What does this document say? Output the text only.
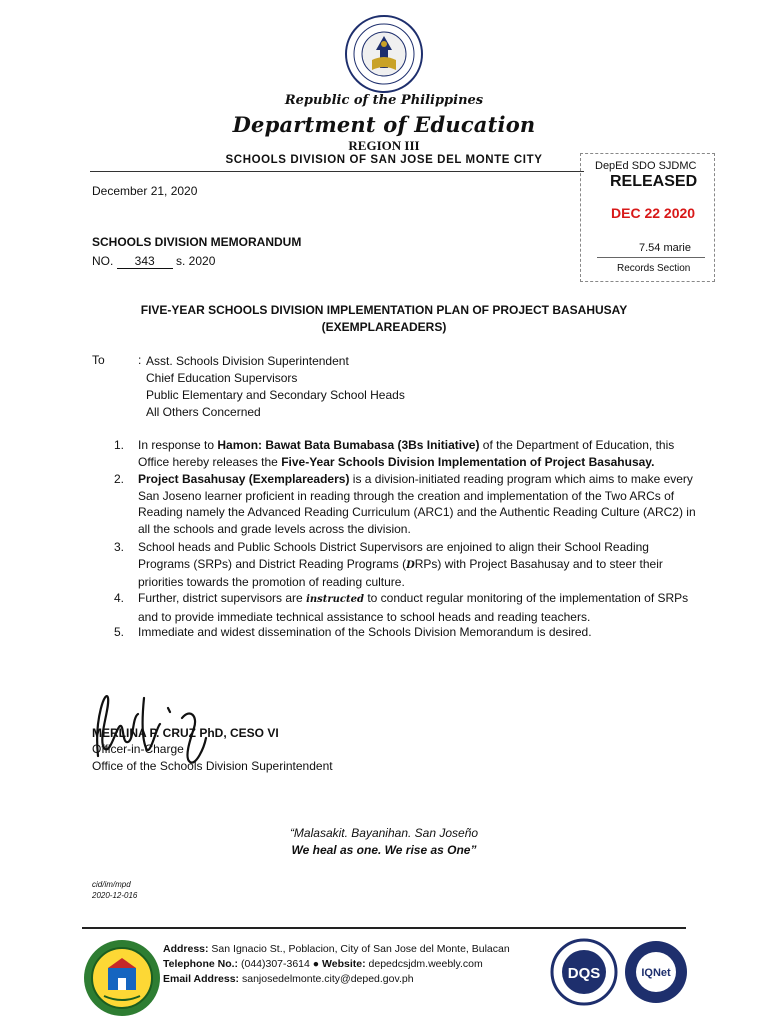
Republic of the Philippines
Department of Education
REGION III
SCHOOLS DIVISION OF SAN JOSE DEL MONTE CITY	DepEd SDO SJDMC
RELEASED
DEC 22 2020
7.54 marie
Records Section
December 21, 2020
SCHOOLS DIVISION MEMORANDUM
NO. 343 s. 2020
FIVE-YEAR SCHOOLS DIVISION IMPLEMENTATION PLAN OF PROJECT BASAHUSAY
(EXEMPLAREADERS)
To	: Asst. Schools Division Superintendent
Chief Education Supervisors
Public Elementary and Secondary School Heads
All Others Concerned
1. In response to Hamon: Bawat Bata Bumabasa (3Bs Initiative) of the Department of Education, this Office hereby releases the Five-Year Schools Division Implementation of Project Basahusay.
2. Project Basahusay (Exemplareaders) is a division-initiated reading program which aims to make every San Joseno learner proficient in reading through the creation and implementation of the Two ARCs of Reading namely the Advanced Reading Curriculum (ARC1) and the Authentic Reading Culture (ARC2) in all the schools and grade levels across the division.
3. School heads and Public Schools District Supervisors are enjoined to align their School Reading Programs (SRPs) and District Reading Programs (DRPs) with Project Basahusay and to steer their priorities towards the promotion of reading culture.
4. Further, district supervisors are instructed to conduct regular monitoring of the implementation of SRPs and to provide immediate technical assistance to school heads and reading teachers.
5. Immediate and widest dissemination of the Schools Division Memorandum is desired.
MERLINA P. CRUZ PhD, CESO VI
Officer-in-Charge
Office of the Schools Division Superintendent
“Malasakit. Bayanihan. San Joseño
We heal as one. We rise as One”
cid/im/mpd
2020-12-016
Address: San Ignacio St., Poblacion, City of San Jose del Monte, Bulacan
Telephone No.: (044)307-3614 ● Website: depedcsjdm.weebly.com
Email Address: sanjosedelmonte.city@deped.gov.ph	DQS	IQNet
